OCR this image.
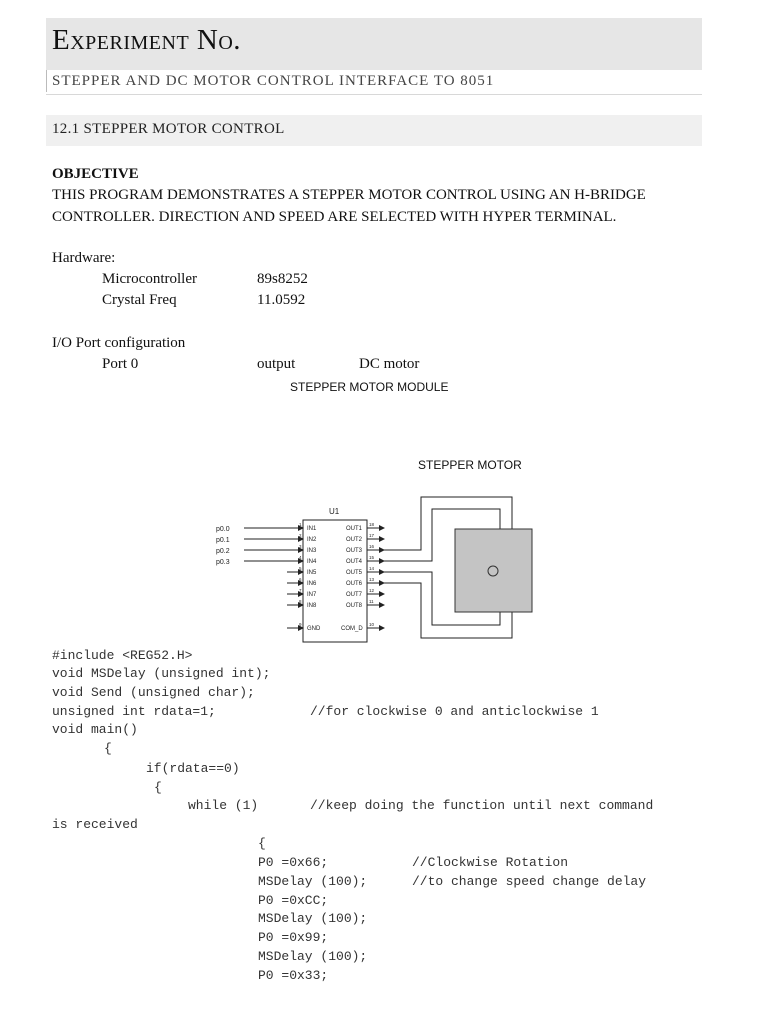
Experiment No.
STEPPER AND DC MOTOR CONTROL INTERFACE TO 8051
12.1 STEPPER MOTOR CONTROL
OBJECTIVE
THIS PROGRAM DEMONSTRATES A STEPPER MOTOR CONTROL USING AN H-BRIDGE
CONTROLLER. DIRECTION AND SPEED ARE SELECTED WITH HYPER TERMINAL.
Hardware:
Microcontroller	89s8252
Crystal Freq	11.0592
I/O Port configuration
Port 0	output	DC motor
STEPPER MOTOR MODULE
STEPPER MOTOR
U1
p0.0
p0.1
p0.2
p0.3
IN1
IN2
IN3
IN4
IN5
IN6
IN7
IN8
GND
OUT1
OUT2
OUT3
OUT4
OUT5
OUT6
OUT7
OUT8
COM_D
1
2
3
4
5
6
7
8
9
18
17
16
15
14
13
12
11
10
#include <REG52.H>
void MSDelay (unsigned int);
void Send (unsigned char);
unsigned int rdata=1;	//for clockwise 0 and anticlockwise 1
void main()
{
if(rdata==0)
{
while (1)	//keep doing the function until next command
is received
{
P0 =0x66;	//Clockwise Rotation
MSDelay (100);	//to change speed change delay
P0 =0xCC;
MSDelay (100);
P0 =0x99;
MSDelay (100);
P0 =0x33;
